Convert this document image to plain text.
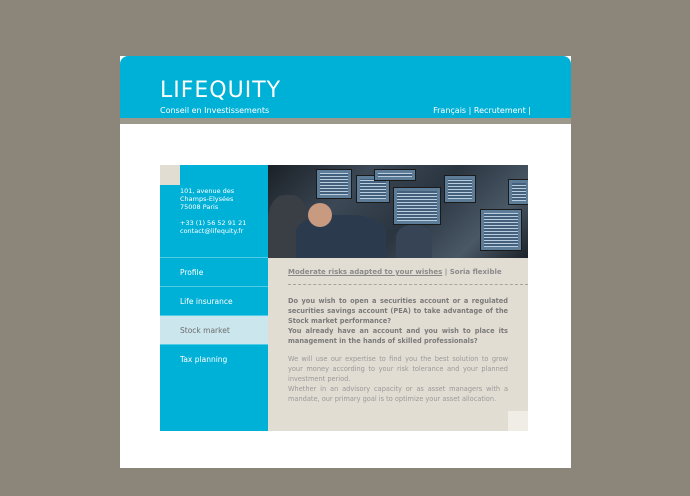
LIFEQUITY
Conseil en Investissements	Français | Recrutement |
101, avenue des
Champs-Elysées
75008 Paris
+33 (1) 56 52 91 21
contact@lifequity.fr
Profile
Life insurance
Stock market
Tax planning
Moderate risks adapted to your wishes | Soria flexible

Do you wish to open a securities account or a regulated securities savings account (PEA) to take advantage of the Stock market performance?

You already have an account and you wish to place its management in the hands of skilled professionals?

We will use our expertise to find you the best solution to grow your money according to your risk tolerance and your planned investment period.

Whether in an advisory capacity or as asset managers with a mandate, our primary goal is to optimize your asset allocation.
